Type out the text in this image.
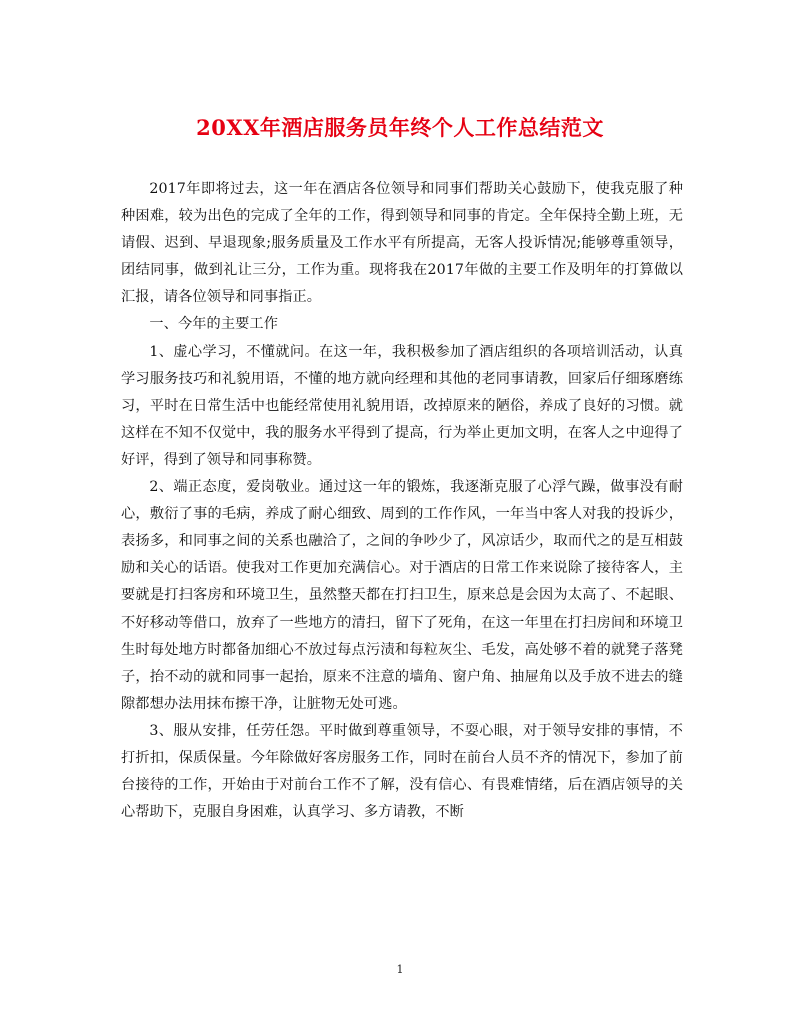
20XX年酒店服务员年终个人工作总结范文

2017年即将过去，这一年在酒店各位领导和同事们帮助关心鼓励下，使我克服了种种困难，较为出色的完成了全年的工作，得到领导和同事的肯定。全年保持全勤上班，无请假、迟到、早退现象;服务质量及工作水平有所提高，无客人投诉情况;能够尊重领导，团结同事，做到礼让三分，工作为重。现将我在2017年做的主要工作及明年的打算做以汇报，请各位领导和同事指正。

一、今年的主要工作

1、虚心学习，不懂就问。在这一年，我积极参加了酒店组织的各项培训活动，认真学习服务技巧和礼貌用语，不懂的地方就向经理和其他的老同事请教，回家后仔细琢磨练习，平时在日常生活中也能经常使用礼貌用语，改掉原来的陋俗，养成了良好的习惯。就这样在不知不仅觉中，我的服务水平得到了提高，行为举止更加文明，在客人之中迎得了好评，得到了领导和同事称赞。

2、端正态度，爱岗敬业。通过这一年的锻炼，我逐渐克服了心浮气躁，做事没有耐心，敷衍了事的毛病，养成了耐心细致、周到的工作作风，一年当中客人对我的投诉少，表扬多，和同事之间的关系也融洽了，之间的争吵少了，风凉话少，取而代之的是互相鼓励和关心的话语。使我对工作更加充满信心。对于酒店的日常工作来说除了接待客人，主要就是打扫客房和环境卫生，虽然整天都在打扫卫生，原来总是会因为太高了、不起眼、不好移动等借口，放弃了一些地方的清扫，留下了死角，在这一年里在打扫房间和环境卫生时每处地方时都备加细心不放过每点污渍和每粒灰尘、毛发，高处够不着的就凳子落凳子，抬不动的就和同事一起抬，原来不注意的墙角、窗户角、抽屉角以及手放不进去的缝隙都想办法用抹布擦干净，让脏物无处可逃。

3、服从安排，任劳任怨。平时做到尊重领导，不耍心眼，对于领导安排的事情，不打折扣，保质保量。今年除做好客房服务工作，同时在前台人员不齐的情况下，参加了前台接待的工作，开始由于对前台工作不了解，没有信心、有畏难情绪，后在酒店领导的关心帮助下，克服自身困难，认真学习、多方请教，不断

1
